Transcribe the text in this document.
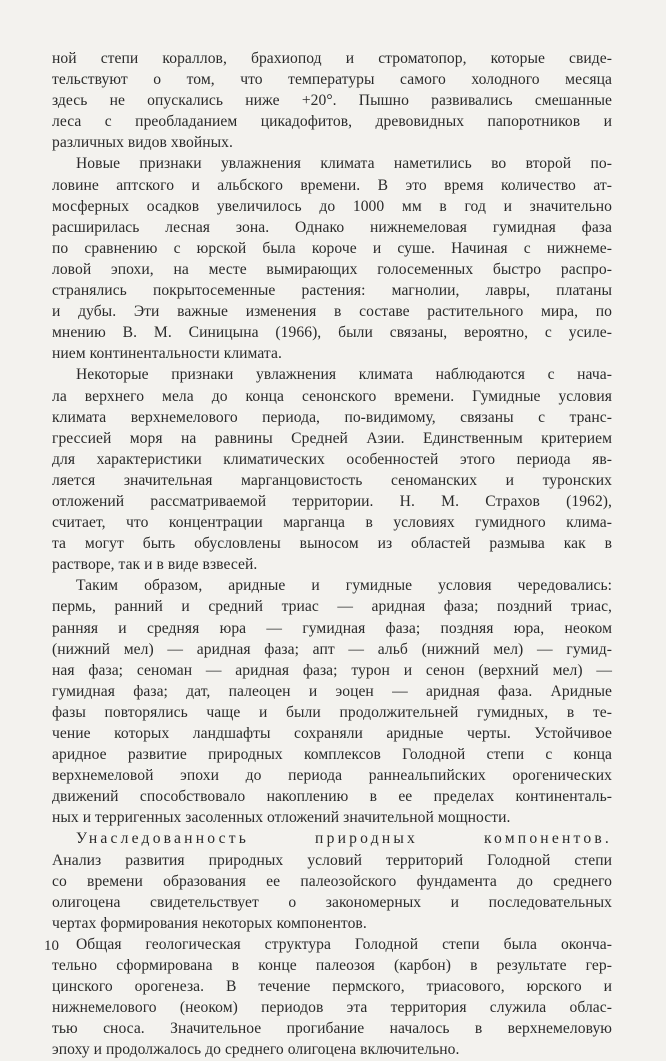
ной степи кораллов, брахиопод и строматопор, которые свиде-
тельствуют о том, что температуры самого холодного месяца
здесь не опускались ниже +20°. Пышно развивались смешанные
леса с преобладанием цикадофитов, древовидных папоротников и
различных видов хвойных.
Новые признаки увлажнения климата наметились во второй по-
ловине аптского и альбского времени. В это время количество ат-
мосферных осадков увеличилось до 1000 мм в год и значительно
расширилась лесная зона. Однако нижнемеловая гумидная фаза
по сравнению с юрской была короче и суше. Начиная с нижнеме-
ловой эпохи, на месте вымирающих голосеменных быстро распро-
странялись покрытосеменные растения: магнолии, лавры, платаны
и дубы. Эти важные изменения в составе растительного мира, по
мнению В. М. Синицына (1966), были связаны, вероятно, с усиле-
нием континентальности климата.
Некоторые признаки увлажнения климата наблюдаются с нача-
ла верхнего мела до конца сенонского времени. Гумидные условия
климата верхнемелового периода, по-видимому, связаны с транс-
грессией моря на равнины Средней Азии. Единственным критерием
для характеристики климатических особенностей этого периода яв-
ляется значительная марганцовистость сеноманских и туронских
отложений рассматриваемой территории. Н. М. Страхов (1962),
считает, что концентрации марганца в условиях гумидного клима-
та могут быть обусловлены выносом из областей размыва как в
растворе, так и в виде взвесей.
Таким образом, аридные и гумидные условия чередовались:
пермь, ранний и средний триас — аридная фаза; поздний триас,
ранняя и средняя юра — гумидная фаза; поздняя юра, неоком
(нижний мел) — аридная фаза; апт — альб (нижний мел) — гумид-
ная фаза; сеноман — аридная фаза; турон и сенон (верхний мел) —
гумидная фаза; дат, палеоцен и эоцен — аридная фаза. Аридные
фазы повторялись чаще и были продолжительней гумидных, в те-
чение которых ландшафты сохраняли аридные черты. Устойчивое
аридное развитие природных комплексов Голодной степи с конца
верхнемеловой эпохи до периода раннеальпийских орогенических
движений способствовало накоплению в ее пределах континенталь-
ных и терригенных засоленных отложений значительной мощности.
Унаследованность природных компонентов.
Анализ развития природных условий территорий Голодной степи
со времени образования ее палеозойского фундамента до среднего
олигоцена свидетельствует о закономерных и последовательных
чертах формирования некоторых компонентов.
Общая геологическая структура Голодной степи была оконча-
тельно сформирована в конце палеозоя (карбон) в результате гер-
цинского орогенеза. В течение пермского, триасового, юрского и
нижнемелового (неоком) периодов эта территория служила облас-
тью сноса. Значительное прогибание началось в верхнемеловую
эпоху и продолжалось до среднего олигоцена включительно.
10
